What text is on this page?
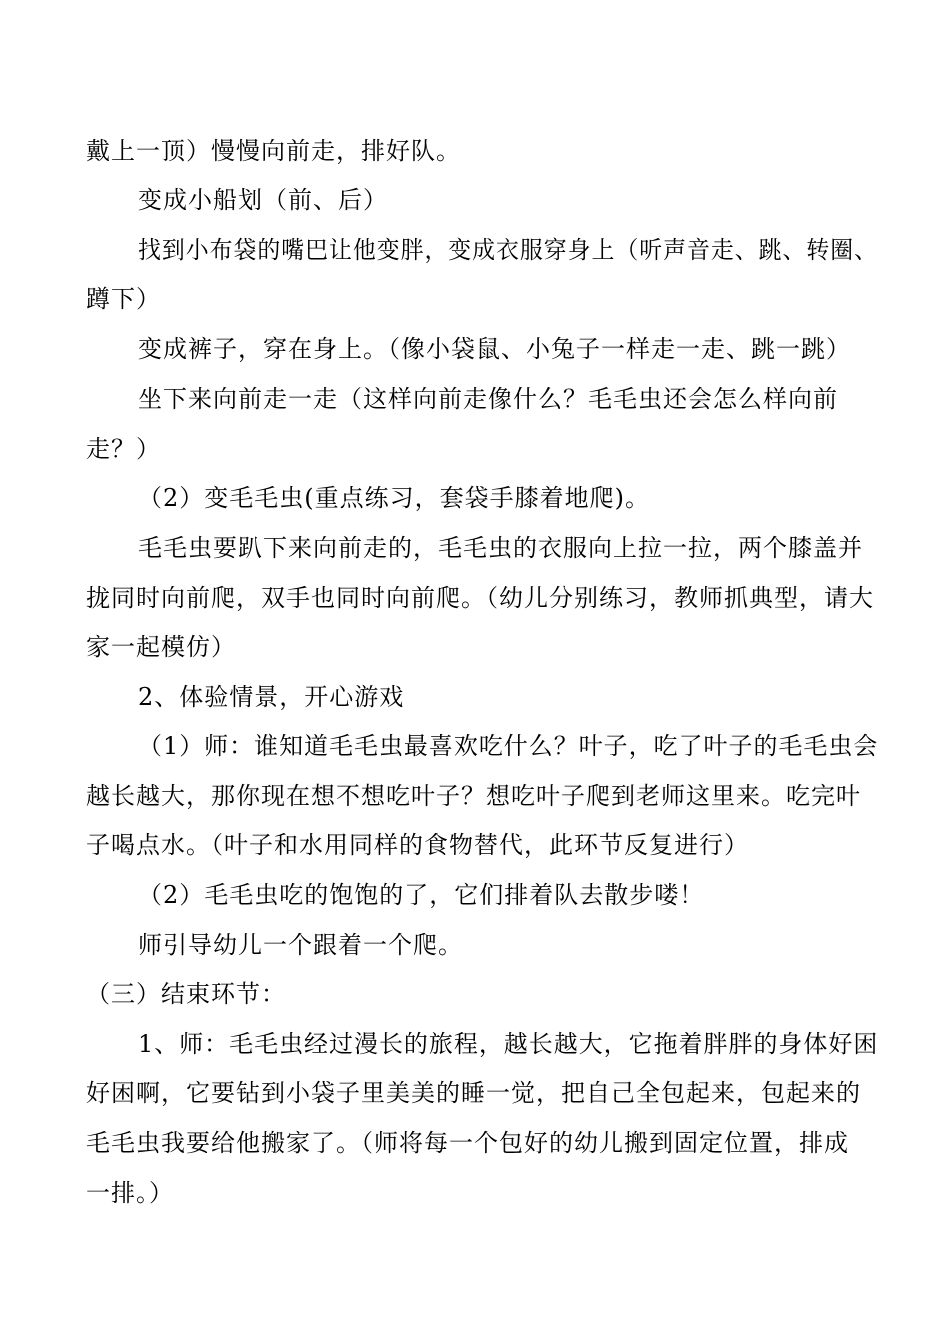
戴上一顶）慢慢向前走，排好队。
变成小船划（前、后）
找到小布袋的嘴巴让他变胖，变成衣服穿身上（听声音走、跳、转圈、
蹲下）
变成裤子，穿在身上。（像小袋鼠、小兔子一样走一走、跳一跳）
坐下来向前走一走（这样向前走像什么？毛毛虫还会怎么样向前
走？）
（2）变毛毛虫(重点练习，套袋手膝着地爬)。
毛毛虫要趴下来向前走的，毛毛虫的衣服向上拉一拉，两个膝盖并
拢同时向前爬，双手也同时向前爬。（幼儿分别练习，教师抓典型，请大
家一起模仿）
2、体验情景，开心游戏
（1）师：谁知道毛毛虫最喜欢吃什么？叶子，吃了叶子的毛毛虫会
越长越大，那你现在想不想吃叶子？想吃叶子爬到老师这里来。吃完叶
子喝点水。（叶子和水用同样的食物替代，此环节反复进行）
（2）毛毛虫吃的饱饱的了，它们排着队去散步喽！
师引导幼儿一个跟着一个爬。
（三）结束环节：
1、师：毛毛虫经过漫长的旅程，越长越大，它拖着胖胖的身体好困
好困啊，它要钻到小袋子里美美的睡一觉，把自己全包起来，包起来的
毛毛虫我要给他搬家了。（师将每一个包好的幼儿搬到固定位置，排成
一排。）
